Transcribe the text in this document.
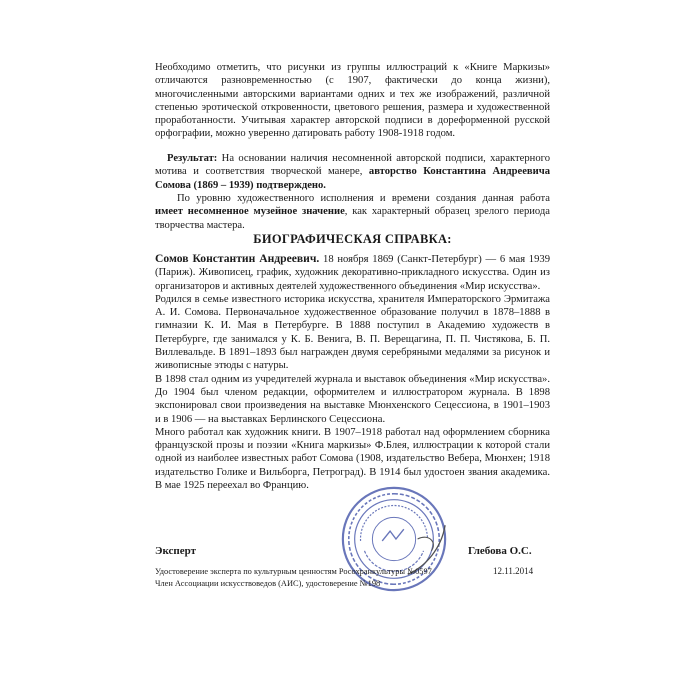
Необходимо отметить, что рисунки из группы иллюстраций к «Книге Маркизы» отличаются разновременностью (с 1907, фактически до конца жизни), многочисленными авторскими вариантами одних и тех же изображений, различной степенью эротической откровенности, цветового решения, размера и художественной проработанности. Учитывая характер авторской подписи в дореформенной русской орфографии, можно уверенно датировать работу 1908-1918 годом.

Результат: На основании наличия несомненной авторской подписи, характерного мотива и соответствия творческой манере, авторство Константина Андреевича Сомова (1869 – 1939) подтверждено.

По уровню художественного исполнения и времени создания данная работа имеет несомненное музейное значение, как характерный образец зрелого периода творчества мастера.

БИОГРАФИЧЕСКАЯ СПРАВКА:

Сомов Константин Андреевич. 18 ноября 1869 (Санкт-Петербург) — 6 мая 1939 (Париж). Живописец, график, художник декоративно-прикладного искусства. Один из организаторов и активных деятелей художественного объединения «Мир искусства».

Родился в семье известного историка искусства, хранителя Императорского Эрмитажа А. И. Сомова. Первоначальное художественное образование получил в 1878–1888 в гимназии К. И. Мая в Петербурге. В 1888 поступил в Академию художеств в Петербурге, где занимался у К. Б. Венига, В. П. Верещагина, П. П. Чистякова, Б. П. Виллевальде. В 1891–1893 был награжден двумя серебряными медалями за рисунок и живописные этюды с натуры.

В 1898 стал одним из учредителей журнала и выставок объединения «Мир искусства». До 1904 был членом редакции, оформителем и иллюстратором журнала. В 1898 экспонировал свои произведения на выставке Мюнхенского Сецессиона, в 1901–1903 и в 1906 — на выставках Берлинского Сецессиона.

Много работал как художник книги. В 1907–1918 работал над оформлением сборника французской прозы и поэзии «Книга маркизы» Ф.Блея, иллюстрации к которой стали одной из наиболее известных работ Сомова (1908, издательство Вебера, Мюнхен; 1918 издательство Голике и Вильборга, Петроград). В 1914 был удостоен звания академика. В мае 1925 переехал во Францию.

Эксперт	Глебова О.С.
Удостоверение эксперта по культурным ценностям Росохранкультуры №0597	12.11.2014
Член Ассоциации искусствоведов (АИС), удостоверение №198
